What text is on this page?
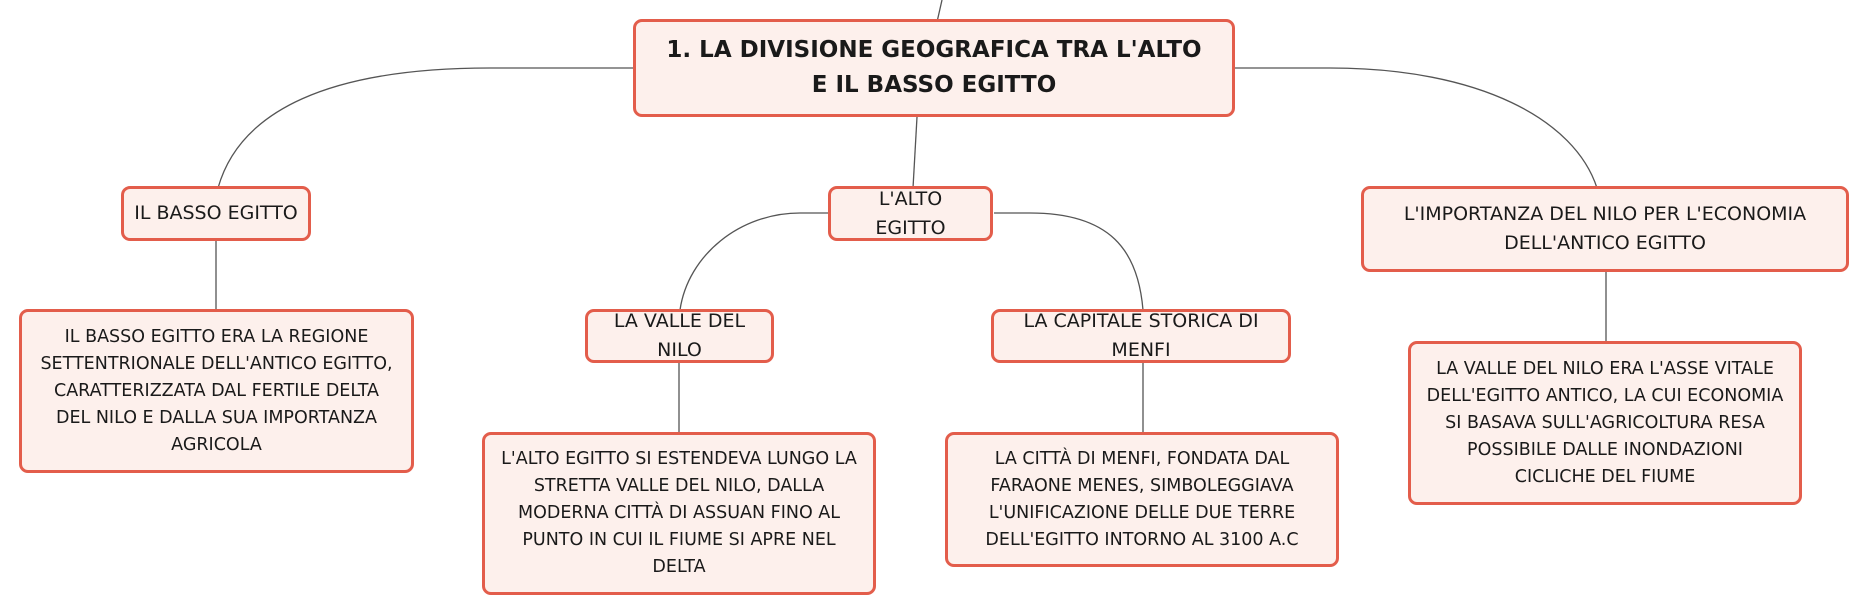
1. LA DIVISIONE GEOGRAFICA TRA L'ALTO E IL BASSO EGITTO
IL BASSO EGITTO
L'ALTO EGITTO
L'IMPORTANZA DEL NILO PER L'ECONOMIA DELL'ANTICO EGITTO
IL BASSO EGITTO ERA LA REGIONE SETTENTRIONALE DELL'ANTICO EGITTO, CARATTERIZZATA DAL FERTILE DELTA DEL NILO E DALLA SUA IMPORTANZA AGRICOLA
LA VALLE DEL NILO
LA CAPITALE STORICA DI MENFI
L'ALTO EGITTO SI ESTENDEVA LUNGO LA STRETTA VALLE DEL NILO, DALLA MODERNA CITTÀ DI ASSUAN FINO AL PUNTO IN CUI IL FIUME SI APRE NEL DELTA
LA CITTÀ DI MENFI, FONDATA DAL FARAONE MENES, SIMBOLEGGIAVA L'UNIFICAZIONE DELLE DUE TERRE DELL'EGITTO INTORNO AL 3100 A.C
LA VALLE DEL NILO ERA L'ASSE VITALE DELL'EGITTO ANTICO, LA CUI ECONOMIA SI BASAVA SULL'AGRICOLTURA RESA POSSIBILE DALLE INONDAZIONI CICLICHE DEL FIUME
